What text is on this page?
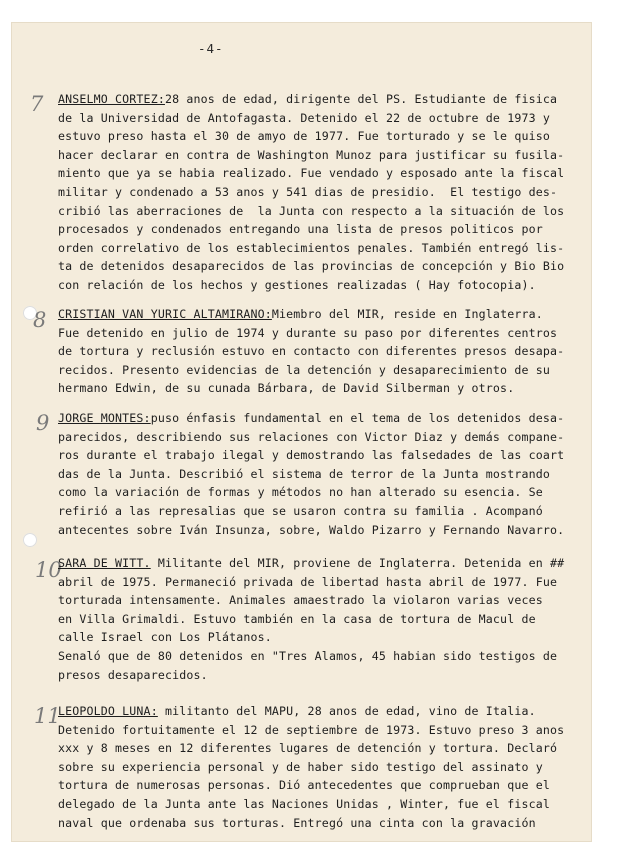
-4-
7 ANSELMO CORTEZ:28 anos de edad, dirigente del PS. Estudiante de fisica
de la Universidad de Antofagasta. Detenido el 22 de octubre de 1973 y
estuvo preso hasta el 30 de amyo de 1977. Fue torturado y se le quiso
hacer declarar en contra de Washington Munoz para justificar su fusila-
miento que ya se habia realizado. Fue vendado y esposado ante la fiscal
militar y condenado a 53 anos y 541 dias de presidio.  El testigo des-
cribió las aberraciones de  la Junta con respecto a la situación de los
procesados y condenados entregando una lista de presos politicos por
orden correlativo de los establecimientos penales. También entregó lis-
ta de detenidos desaparecidos de las provincias de concepción y Bio Bio
con relación de los hechos y gestiones realizadas ( Hay fotocopia).
8 CRISTIAN VAN YURIC ALTAMIRANO:Miembro del MIR, reside en Inglaterra.
Fue detenido en julio de 1974 y durante su paso por diferentes centros
de tortura y reclusión estuvo en contacto con diferentes presos desapa-
recidos. Presento evidencias de la detención y desaparecimiento de su
hermano Edwin, de su cunada Bárbara, de David Silberman y otros.
9 JORGE MONTES:puso énfasis fundamental en el tema de los detenidos desa-
parecidos, describiendo sus relaciones con Victor Diaz y demás compane-
ros durante el trabajo ilegal y demostrando las falsedades de las coart
das de la Junta. Describió el sistema de terror de la Junta mostrando
como la variación de formas y métodos no han alterado su esencia. Se
refirió a las represalias que se usaron contra su familia . Acompanó
antecentes sobre Iván Insunza, sobre, Waldo Pizarro y Fernando Navarro.
10
SARA DE WITT. Militante del MIR, proviene de Inglaterra. Detenida en ##
abril de 1975. Permaneció privada de libertad hasta abril de 1977. Fue
torturada intensamente. Animales amaestrado la violaron varias veces
en Villa Grimaldi. Estuvo también en la casa de tortura de Macul de
calle Israel con Los Plátanos.
Senaló que de 80 detenidos en "Tres Alamos, 45 habian sido testigos de
presos desaparecidos.
11
LEOPOLDO LUNA: militanto del MAPU, 28 anos de edad, vino de Italia.
Detenido fortuitamente el 12 de septiembre de 1973. Estuvo preso 3 anos
xxx y 8 meses en 12 diferentes lugares de detención y tortura. Declaró
sobre su experiencia personal y de haber sido testigo del assinato y
tortura de numerosas personas. Dió antecedentes que comprueban que el
delegado de la Junta ante las Naciones Unidas , Winter, fue el fiscal
naval que ordenaba sus torturas. Entregó una cinta con la gravación
